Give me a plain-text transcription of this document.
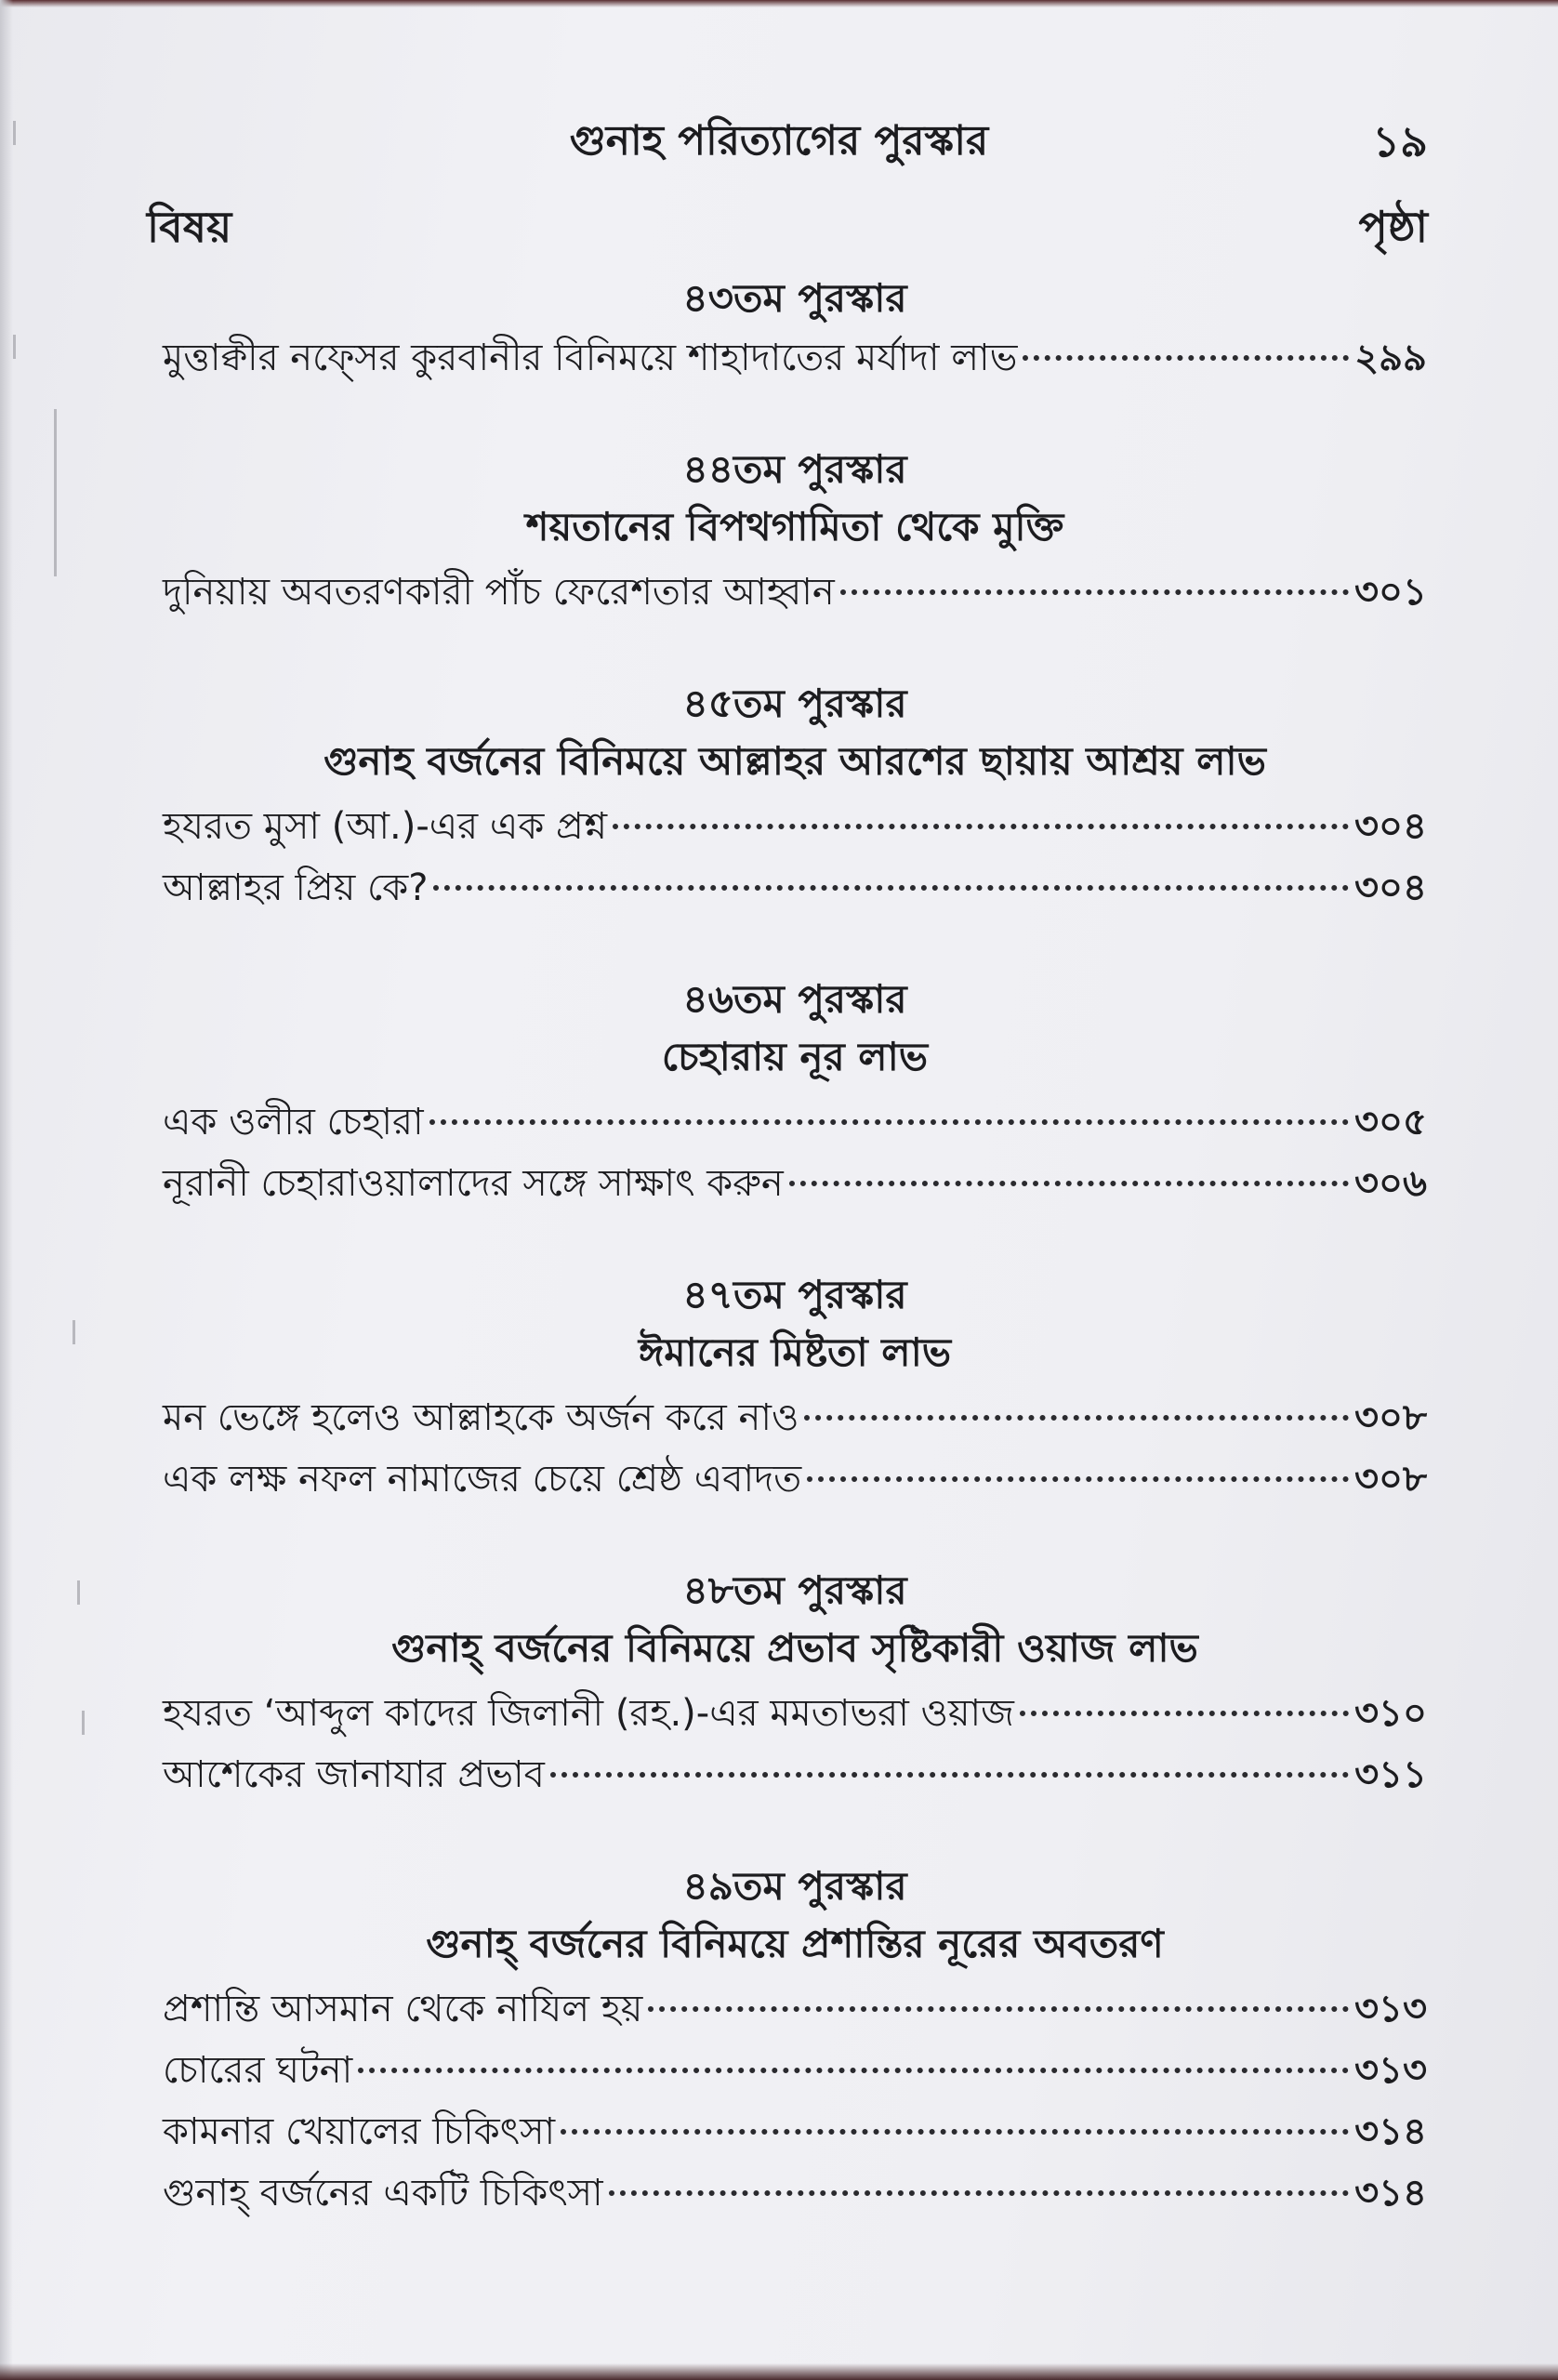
গুনাহ পরিত্যাগের পুরস্কার	১৯
বিষয়	পৃষ্ঠা
৪৩তম পুরস্কার
মুত্তাক্বীর নফ্সের কুরবানীর বিনিময়ে শাহাদাতের মর্যাদা লাভ	২৯৯
৪৪তম পুরস্কার
শয়তানের বিপথগামিতা থেকে মুক্তি
দুনিয়ায় অবতরণকারী পাঁচ ফেরেশতার আহ্বান	৩০১
৪৫তম পুরস্কার
গুনাহ বর্জনের বিনিময়ে আল্লাহর আরশের ছায়ায় আশ্রয় লাভ
হযরত মুসা (আ.)-এর এক প্রশ্ন	৩০৪
আল্লাহর প্রিয় কে?	৩০৪
৪৬তম পুরস্কার
চেহারায় নূর লাভ
এক ওলীর চেহারা	৩০৫
নূরানী চেহারাওয়ালাদের সঙ্গে সাক্ষাৎ করুন	৩০৬
৪৭তম পুরস্কার
ঈমানের মিষ্টতা লাভ
মন ভেঙ্গে হলেও আল্লাহকে অর্জন করে নাও	৩০৮
এক লক্ষ নফল নামাজের চেয়ে শ্রেষ্ঠ এবাদত	৩০৮
৪৮তম পুরস্কার
গুনাহ্ বর্জনের বিনিময়ে প্রভাব সৃষ্টিকারী ওয়াজ লাভ
হযরত ‘আব্দুল কাদের জিলানী (রহ.)-এর মমতাভরা ওয়াজ	৩১০
আশেকের জানাযার প্রভাব	৩১১
৪৯তম পুরস্কার
গুনাহ্ বর্জনের বিনিময়ে প্রশান্তির নূরের অবতরণ
প্রশান্তি আসমান থেকে নাযিল হয়	৩১৩
চোরের ঘটনা	৩১৩
কামনার খেয়ালের চিকিৎসা	৩১৪
গুনাহ্ বর্জনের একটি চিকিৎসা	৩১৪
